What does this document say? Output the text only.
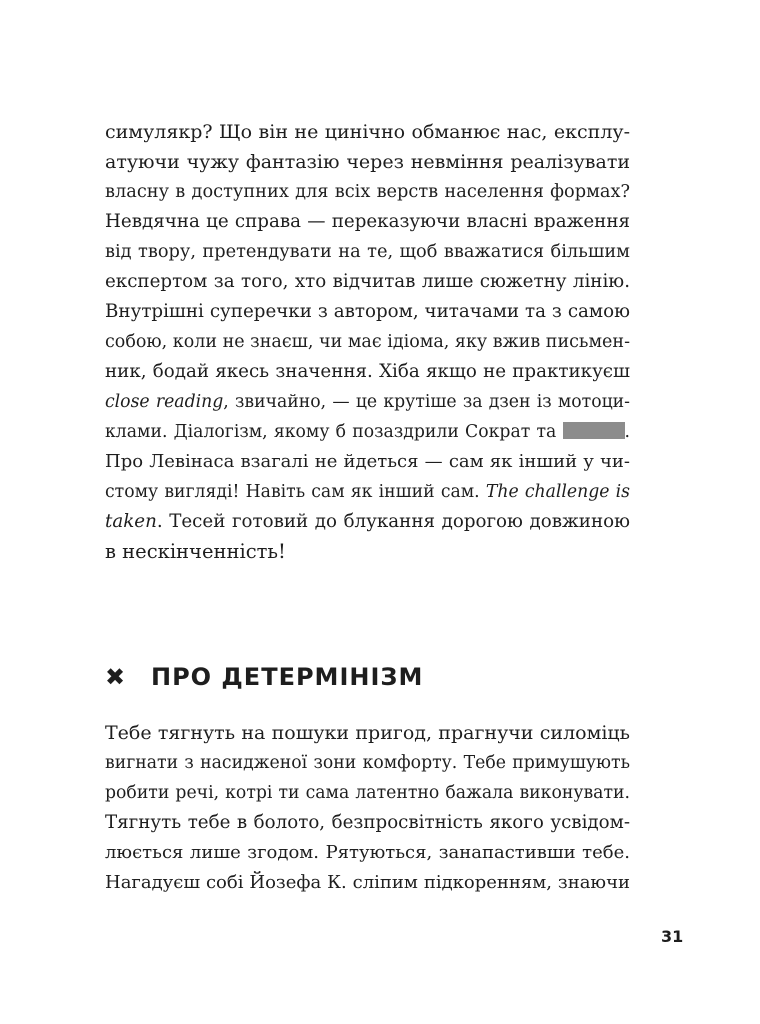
симулякр? Що він не цинічно обманює нас, експлу-
атуючи чужу фантазію через невміння реалізувати
власну в доступних для всіх верств населення формах?
Невдячна це справа — переказуючи власні враження
від твору, претендувати на те, щоб вважатися більшим
експертом за того, хто відчитав лише сюжетну лінію.
Внутрішні суперечки з автором, читачами та з самою
собою, коли не знаєш, чи має ідіома, яку вжив письмен-
ник, бодай якесь значення. Хіба якщо не практикуєш
close reading, звичайно, — це крутіше за дзен із мотоци-
клами. Діалогізм, якому б позаздрили Сократ та	.
Про Левінаса взагалі не йдеться — сам як інший у чи-
стому вигляді! Навіть сам як інший сам. The challenge is
taken. Тесей готовий до блукання дорогою довжиною
в нескінченність!
✖ ПРО ДЕТЕРМІНІЗМ
Тебе тягнуть на пошуки пригод, прагнучи силоміць
вигнати з насидженої зони комфорту. Тебе примушують
робити речі, котрі ти сама латентно бажала виконувати.
Тягнуть тебе в болото, безпросвітність якого усвідом-
люється лише згодом. Рятуються, занапастивши тебе.
Нагадуєш собі Йозефа К. сліпим підкоренням, знаючи
31
